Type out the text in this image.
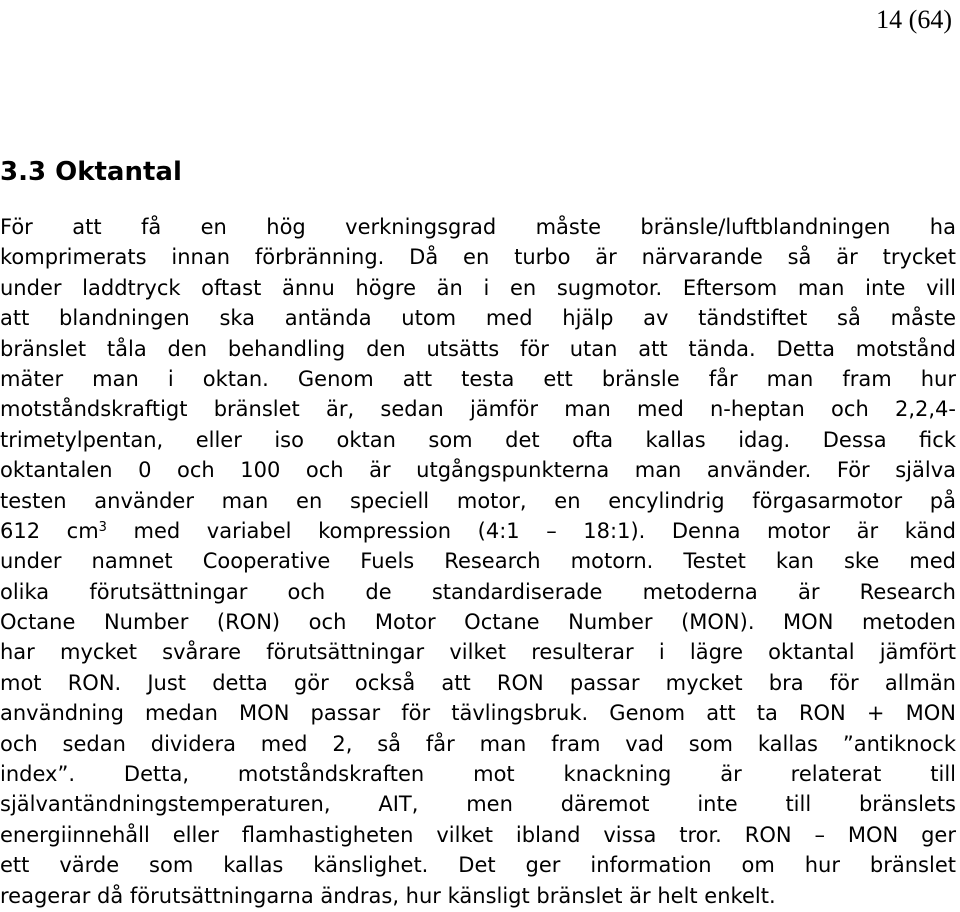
14 (64)
3.3 Oktantal
För att få en hög verkningsgrad måste bränsle/luftblandningen ha
komprimerats innan förbränning. Då en turbo är närvarande så är trycket
under laddtryck oftast ännu högre än i en sugmotor. Eftersom man inte vill
att blandningen ska antända utom med hjälp av tändstiftet så måste
bränslet tåla den behandling den utsätts för utan att tända. Detta motstånd
mäter man i oktan. Genom att testa ett bränsle får man fram hur
motståndskraftigt bränslet är, sedan jämför man med n-heptan och 2,2,4-
trimetylpentan, eller iso oktan som det ofta kallas idag. Dessa fick
oktantalen 0 och 100 och är utgångspunkterna man använder. För själva
testen använder man en speciell motor, en encylindrig förgasarmotor på
612 $cm^3$ med variabel kompression (4:1 – 18:1). Denna motor är känd
under namnet Cooperative Fuels Research motorn. Testet kan ske med
olika förutsättningar och de standardiserade metoderna är Research
Octane Number (RON) och Motor Octane Number (MON). MON metoden
har mycket svårare förutsättningar vilket resulterar i lägre oktantal jämfört
mot RON. Just detta gör också att RON passar mycket bra för allmän
användning medan MON passar för tävlingsbruk. Genom att ta RON + MON
och sedan dividera med 2, så får man fram vad som kallas ”antiknock
index”. Detta, motståndskraften mot knackning är relaterat till
självantändningstemperaturen, AIT, men däremot inte till bränslets
energiinnehåll eller flamhastigheten vilket ibland vissa tror. RON – MON ger
ett värde som kallas känslighet. Det ger information om hur bränslet
reagerar då förutsättningarna ändras, hur känsligt bränslet är helt enkelt.
